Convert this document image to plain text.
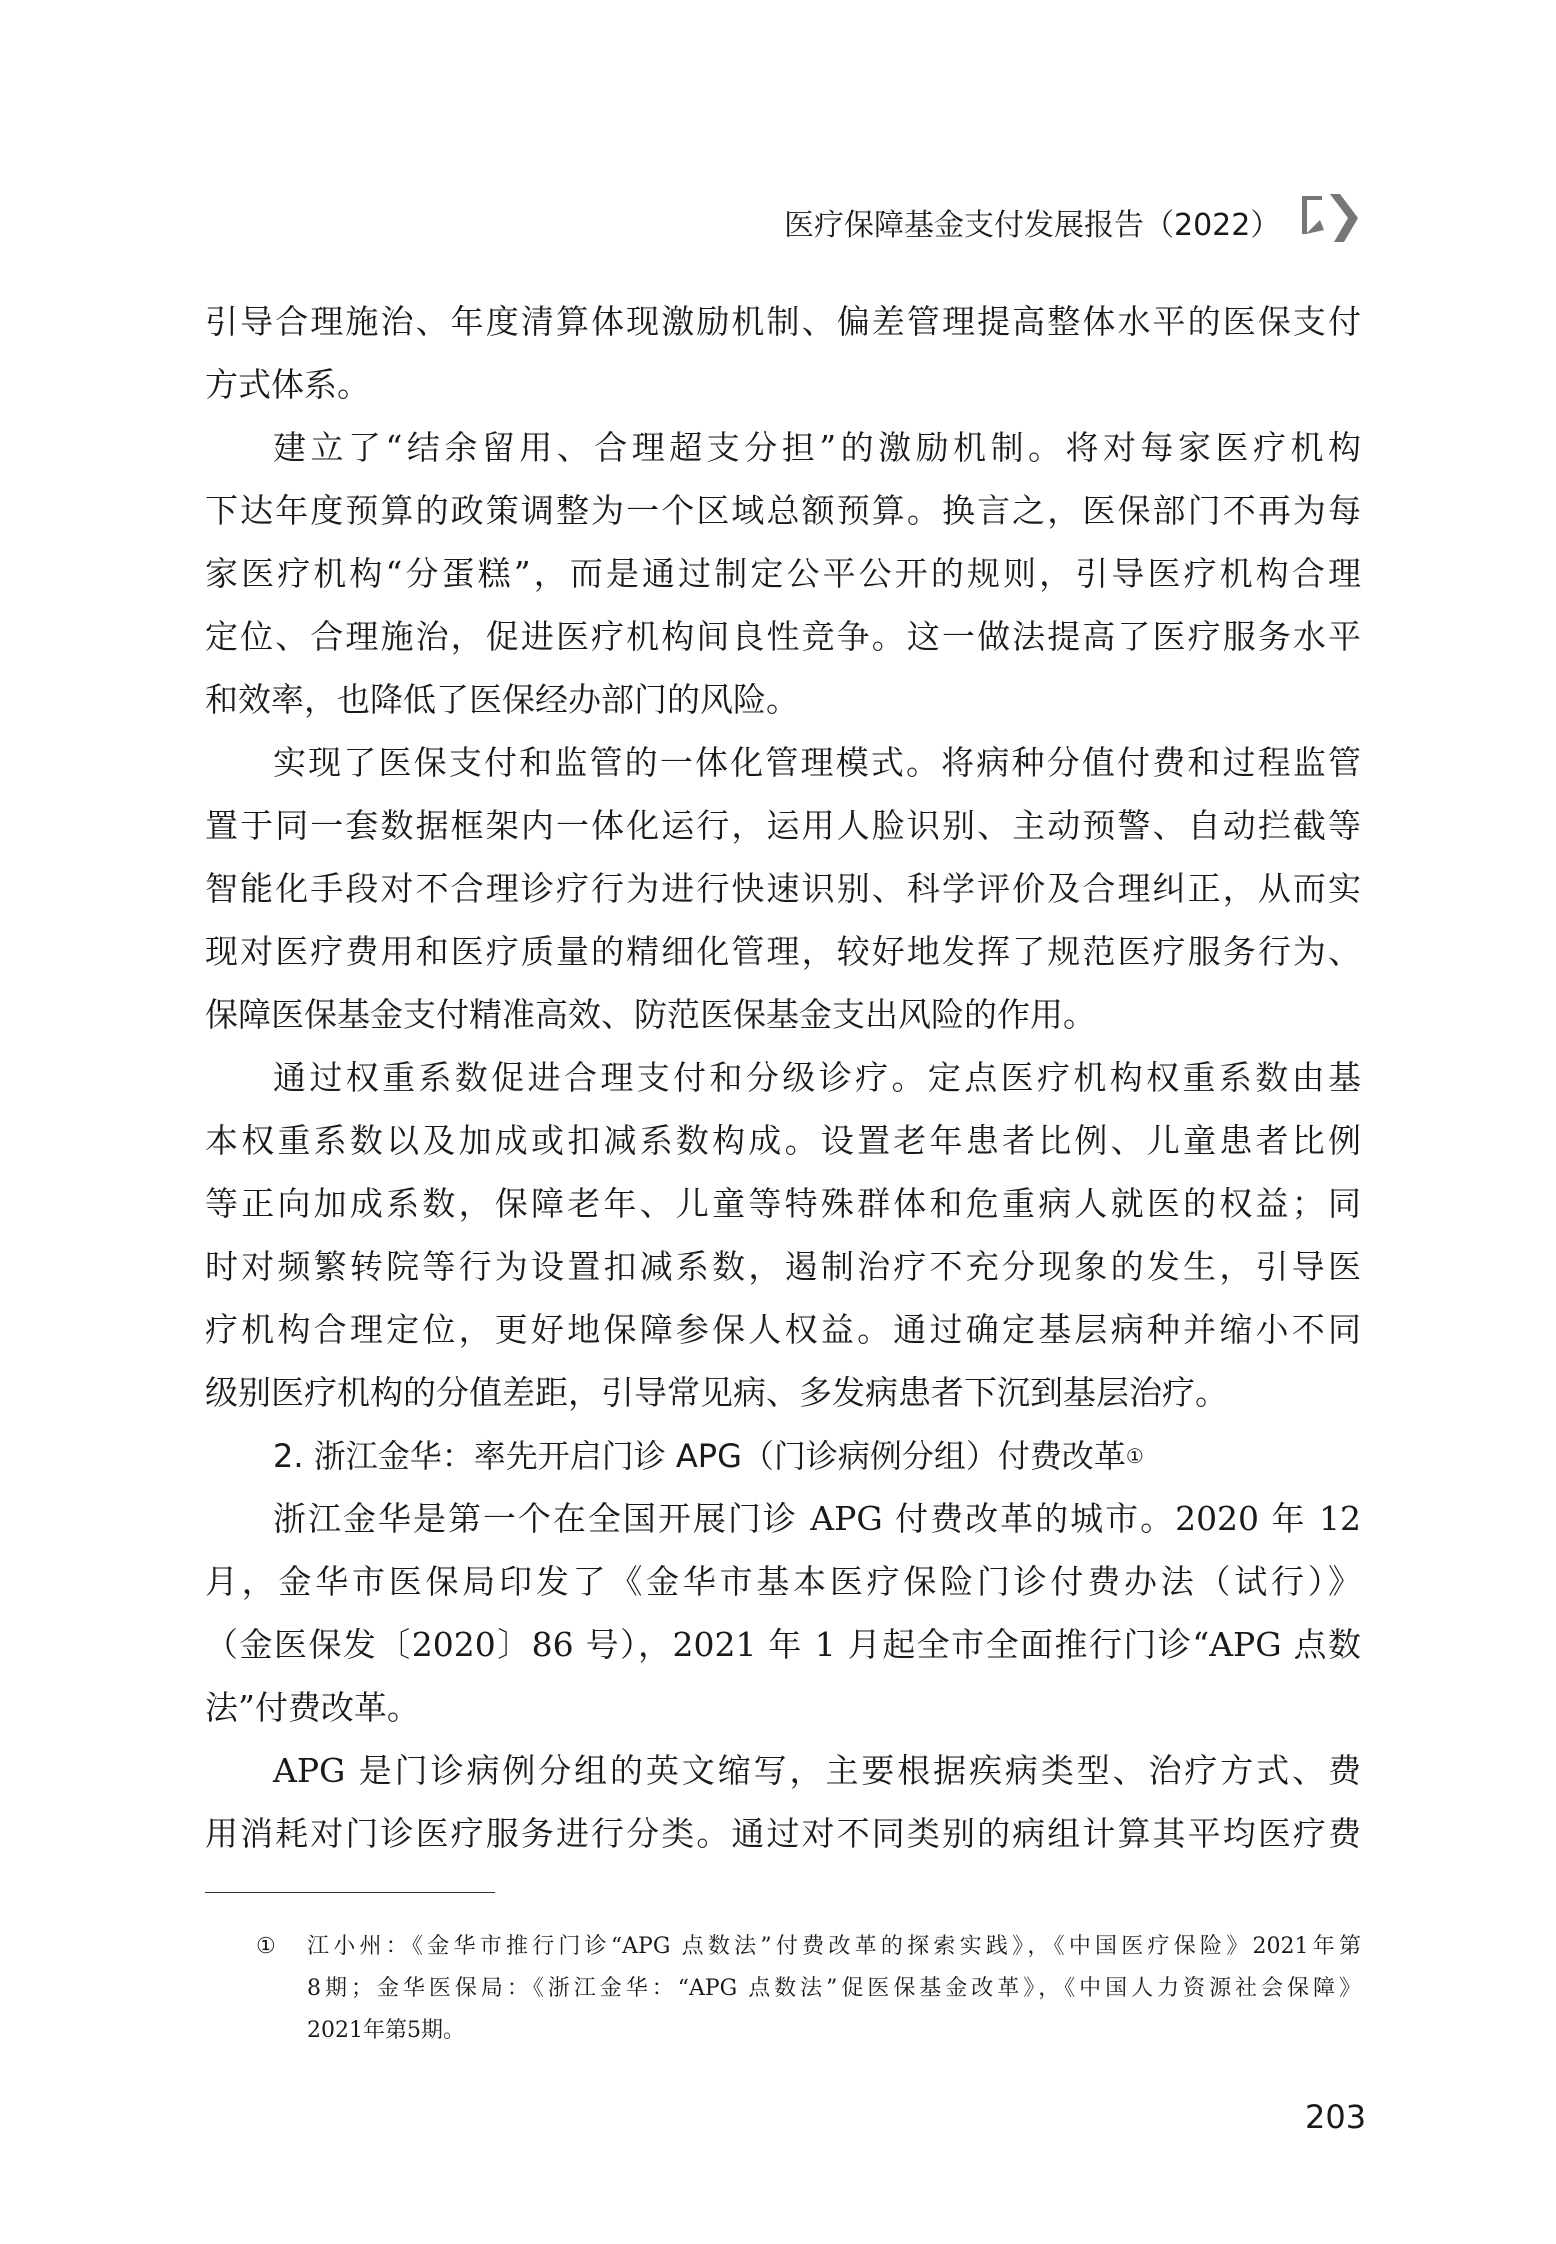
医疗保障基金支付发展报告（2022）
引导合理施治、年度清算体现激励机制、偏差管理提高整体水平的医保支付
方式体系。
建立了“结余留用、合理超支分担”的激励机制。将对每家医疗机构
下达年度预算的政策调整为一个区域总额预算。换言之，医保部门不再为每
家医疗机构“分蛋糕”，而是通过制定公平公开的规则，引导医疗机构合理
定位、合理施治，促进医疗机构间良性竞争。这一做法提高了医疗服务水平
和效率，也降低了医保经办部门的风险。
实现了医保支付和监管的一体化管理模式。将病种分值付费和过程监管
置于同一套数据框架内一体化运行，运用人脸识别、主动预警、自动拦截等
智能化手段对不合理诊疗行为进行快速识别、科学评价及合理纠正，从而实
现对医疗费用和医疗质量的精细化管理，较好地发挥了规范医疗服务行为、
保障医保基金支付精准高效、防范医保基金支出风险的作用。
通过权重系数促进合理支付和分级诊疗。定点医疗机构权重系数由基
本权重系数以及加成或扣减系数构成。设置老年患者比例、儿童患者比例
等正向加成系数，保障老年、儿童等特殊群体和危重病人就医的权益；同
时对频繁转院等行为设置扣减系数，遏制治疗不充分现象的发生，引导医
疗机构合理定位，更好地保障参保人权益。通过确定基层病种并缩小不同
级别医疗机构的分值差距，引导常见病、多发病患者下沉到基层治疗。
2. 浙江金华：率先开启门诊 APG（门诊病例分组）付费改革①
浙江金华是第一个在全国开展门诊 APG 付费改革的城市。2020 年 12
月，金华市医保局印发了《金华市基本医疗保险门诊付费办法（试行）》
（金医保发〔2020〕86 号），2021 年 1 月起全市全面推行门诊“APG 点数
法”付费改革。
APG 是门诊病例分组的英文缩写，主要根据疾病类型、治疗方式、费
用消耗对门诊医疗服务进行分类。通过对不同类别的病组计算其平均医疗费
① 江小州：《金华市推行门诊“APG 点数法”付费改革的探索实践》，《中国医疗保险》2021年第
8期；金华医保局：《浙江金华：“APG 点数法”促医保基金改革》，《中国人力资源社会保障》
2021年第5期。
203
